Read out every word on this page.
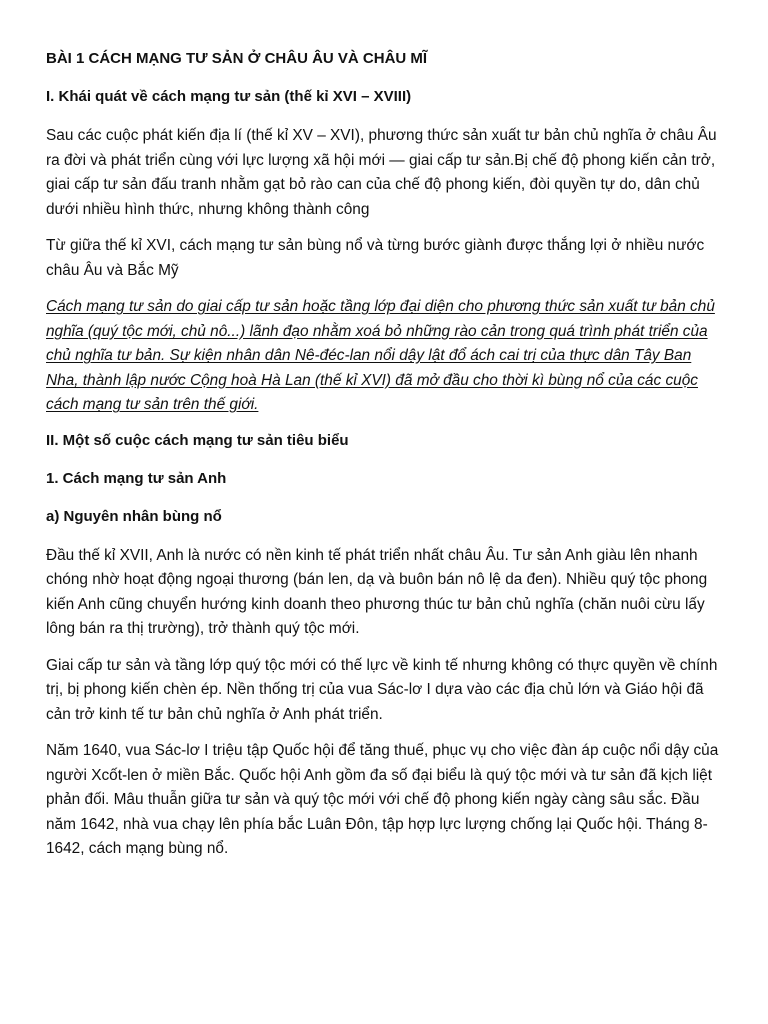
BÀI 1 CÁCH MẠNG TƯ SẢN Ở CHÂU ÂU VÀ CHÂU MĨ
I. Khái quát về cách mạng tư sản (thế kỉ XVI – XVIII)

Sau các cuộc phát kiến địa lí (thế kỉ XV – XVI), phương thức sản xuất tư bản chủ nghĩa ở châu Âu ra đời và phát triển cùng với lực lượng xã hội mới — giai cấp tư sản.Bị chế độ phong kiến cản trở, giai cấp tư sản đấu tranh nhằm gạt bỏ rào can của chế độ phong kiến, đòi quyền tự do, dân chủ dưới nhiều hình thức, nhưng không thành công

Từ giữa thế kỉ XVI, cách mạng tư sản bùng nổ và từng bước giành được thắng lợi ở nhiều nước châu Âu và Bắc Mỹ

Cách mạng tư sản do giai cấp tư sản hoặc tầng lớp đại diện cho phương thức sản xuất tư bản chủ nghĩa (quý tộc mới, chủ nô...) lãnh đạo nhằm xoá bỏ những rào cản trong quá trình phát triển của chủ nghĩa tư bản. Sự kiện nhân dân Nê-đéc-lan nổi dậy lật đổ ách cai trị của thực dân Tây Ban Nha, thành lập nước Cộng hoà Hà Lan (thế kỉ XVI) đã mở đầu cho thời kì bùng nổ của các cuộc cách mạng tư sản trên thế giới.

II. Một số cuộc cách mạng tư sản tiêu biểu
1. Cách mạng tư sản Anh
a) Nguyên nhân bùng nổ

Đầu thế kỉ XVII, Anh là nước có nền kinh tế phát triển nhất châu Âu. Tư sản Anh giàu lên nhanh chóng nhờ hoạt động ngoại thương (bán len, dạ và buôn bán nô lệ da đen). Nhiều quý tộc phong kiến Anh cũng chuyển hướng kinh doanh theo phương thúc tư bản chủ nghĩa (chăn nuôi cừu lấy lông bán ra thị trường), trở thành quý tộc mới.

Giai cấp tư sản và tầng lớp quý tộc mới có thế lực về kinh tế nhưng không có thực quyền về chính trị, bị phong kiến chèn ép. Nền thống trị của vua Sác-lơ I dựa vào các địa chủ lớn và Giáo hội đã cản trở kinh tế tư bản chủ nghĩa ở Anh phát triển.

Năm 1640, vua Sác-lơ I triệu tập Quốc hội để tăng thuế, phục vụ cho việc đàn áp cuộc nổi dậy của người Xcốt-len ở miền Bắc. Quốc hội Anh gồm đa số đại biểu là quý tộc mới và tư sản đã kịch liệt phản đối. Mâu thuẫn giữa tư sản và quý tộc mới với chế độ phong kiến ngày càng sâu sắc. Đầu năm 1642, nhà vua chạy lên phía bắc Luân Đôn, tập hợp lực lượng chống lại Quốc hội. Tháng 8-1642, cách mạng bùng nổ.
